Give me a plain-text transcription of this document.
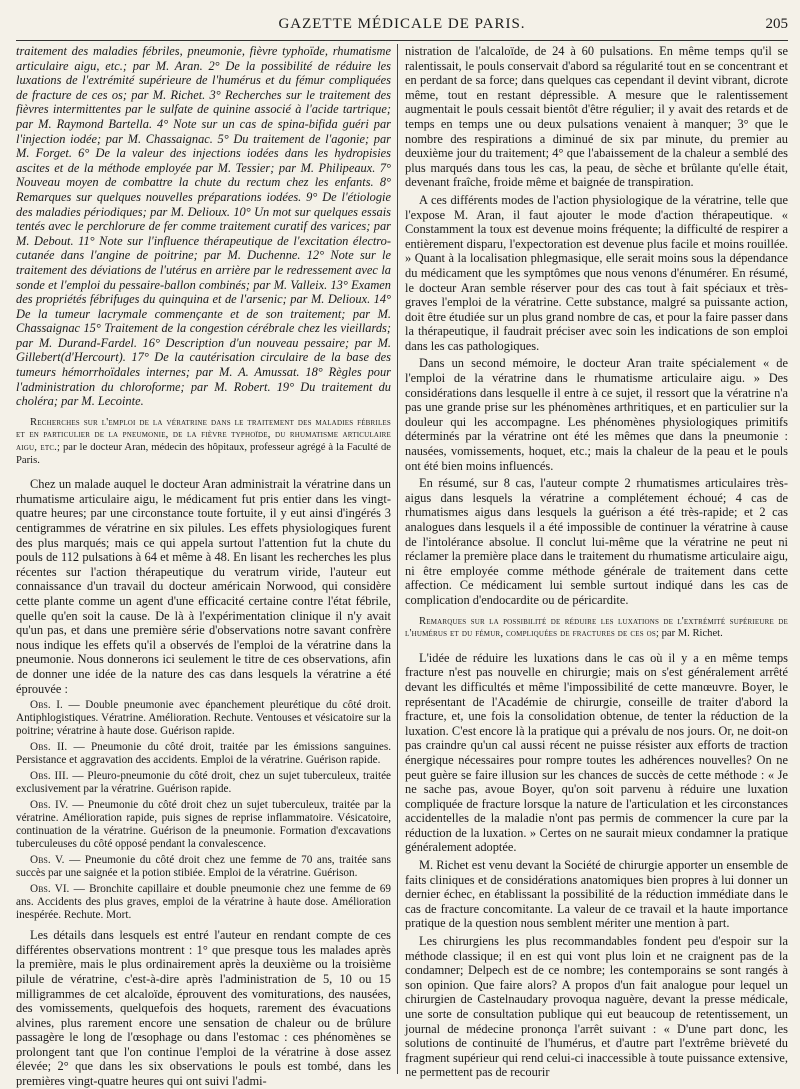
GAZETTE MÉDICALE DE PARIS.	205

traitement des maladies fébriles, pneumonie, fièvre typhoïde, rhumatisme articulaire aigu, etc.; par M. Aran. 2° De la possibilité de réduire les luxations de l'extrémité supérieure de l'humérus et du fémur compliquées de fracture de ces os; par M. Richet. 3° Recherches sur le traitement des fièvres intermittentes par le sulfate de quinine associé à l'acide tartrique; par M. Raymond Bartella. 4° Note sur un cas de spina-bifida guéri par l'injection iodée; par M. Chassaignac. 5° Du traitement de l'agonie; par M. Forget. 6° De la valeur des injections iodées dans les hydropisies ascites et de la méthode employée par M. Tessier; par M. Philipeaux. 7° Nouveau moyen de combattre la chute du rectum chez les enfants. 8° Remarques sur quelques nouvelles préparations iodées. 9° De l'étiologie des maladies périodiques; par M. Delioux. 10° Un mot sur quelques essais tentés avec le perchlorure de fer comme traitement curatif des varices; par M. Debout. 11° Note sur l'influence thérapeutique de l'excitation électro-cutanée dans l'angine de poitrine; par M. Duchenne. 12° Note sur le traitement des déviations de l'utérus en arrière par le redressement avec la sonde et l'emploi du pessaire-ballon combinés; par M. Valleix. 13° Examen des propriétés fébrifuges du quinquina et de l'arsenic; par M. Delioux. 14° De la tumeur lacrymale commençante et de son traitement; par M. Chassaignac 15° Traitement de la congestion cérébrale chez les vieillards; par M. Durand-Fardel. 16° Description d'un nouveau pessaire; par M. Gillebert(d'Hercourt). 17° De la cautérisation circulaire de la base des tumeurs hémorrhoïdales internes; par M. A. Amussat. 18° Règles pour l'administration du chloroforme; par M. Robert. 19° Du traitement du choléra; par M. Lecointe.

Recherches sur l'emploi de la vératrine dans le traitement des maladies fébriles et en particulier de la pneumonie, de la fièvre typhoïde, du rhumatisme articulaire aigu, etc.; par le docteur Aran, médecin des hôpitaux, professeur agrégé à la Faculté de Paris.

Chez un malade auquel le docteur Aran administrait la vératrine dans un rhumatisme articulaire aigu, le médicament fut pris entier dans les vingt-quatre heures; par une circonstance toute fortuite, il y eut ainsi d'ingérés 3 centigrammes de vératrine en six pilules. Les effets physiologiques furent des plus marqués; mais ce qui appela surtout l'attention fut la chute du pouls de 112 pulsations à 64 et même à 48. En lisant les recherches les plus récentes sur l'action thérapeutique du veratrum viride, l'auteur eut connaissance d'un travail du docteur américain Norwood, qui considère cette plante comme un agent d'une efficacité certaine contre l'état fébrile, quelle qu'en soit la cause. De là à l'expérimentation clinique il n'y avait qu'un pas, et dans une première série d'observations notre savant confrère nous indique les effets qu'il a observés de l'emploi de la vératrine dans la pneumonie. Nous donnerons ici seulement le titre de ces observations, afin de donner une idée de la nature des cas dans lesquels la vératrine a été éprouvée :

Obs. I. — Double pneumonie avec épanchement pleurétique du côté droit. Antiphlogistiques. Vératrine. Amélioration. Rechute. Ventouses et vésicatoire sur la poitrine; vératrine à haute dose. Guérison rapide.

Obs. II. — Pneumonie du côté droit, traitée par les émissions sanguines. Persistance et aggravation des accidents. Emploi de la vératrine. Guérison rapide.

Obs. III. — Pleuro-pneumonie du côté droit, chez un sujet tuberculeux, traitée exclusivement par la vératrine. Guérison rapide.

Obs. IV. — Pneumonie du côté droit chez un sujet tuberculeux, traitée par la vératrine. Amélioration rapide, puis signes de reprise inflammatoire. Vésicatoire, continuation de la vératrine. Guérison de la pneumonie. Formation d'excavations tuberculeuses du côté opposé pendant la convalescence.

Obs. V. — Pneumonie du côté droit chez une femme de 70 ans, traitée sans succès par une saignée et la potion stibiée. Emploi de la vératrine. Guérison.

Obs. VI. — Bronchite capillaire et double pneumonie chez une femme de 69 ans. Accidents des plus graves, emploi de la vératrine à haute dose. Amélioration inespérée. Rechute. Mort.

Les détails dans lesquels est entré l'auteur en rendant compte de ces différentes observations montrent : 1° que presque tous les malades après la première, mais le plus ordinairement après la deuxième ou la troisième pilule de vératrine, c'est-à-dire après l'administration de 5, 10 ou 15 milligrammes de cet alcaloïde, éprouvent des vomiturations, des nausées, des vomissements, quelquefois des hoquets, rarement des évacuations alvines, plus rarement encore une sensation de chaleur ou de brûlure passagère le long de l'œsophage ou dans l'estomac : ces phénomènes se prolongent tant que l'on continue l'emploi de la vératrine à dose assez élevée; 2° que dans les six observations le pouls est tombé, dans les premières vingt-quatre heures qui ont suivi l'admi-

nistration de l'alcaloïde, de 24 à 60 pulsations. En même temps qu'il se ralentissait, le pouls conservait d'abord sa régularité tout en se concentrant et en perdant de sa force; dans quelques cas cependant il devint vibrant, dicrote même, tout en restant dépressible. A mesure que le ralentissement augmentait le pouls cessait bientôt d'être régulier; il y avait des retards et de temps en temps une ou deux pulsations venaient à manquer; 3° que le nombre des respirations a diminué de six par minute, du premier au deuxième jour du traitement; 4° que l'abaissement de la chaleur a semblé des plus marqués dans tous les cas, la peau, de sèche et brûlante qu'elle était, devenant fraîche, froide même et baignée de transpiration.

A ces différents modes de l'action physiologique de la vératrine, telle que l'expose M. Aran, il faut ajouter le mode d'action thérapeutique. « Constamment la toux est devenue moins fréquente; la difficulté de respirer a entièrement disparu, l'expectoration est devenue plus facile et moins rouillée. » Quant à la localisation phlegmasique, elle serait moins sous la dépendance du médicament que les symptômes que nous venons d'énumérer. En résumé, le docteur Aran semble réserver pour des cas tout à fait spéciaux et très-graves l'emploi de la vératrine. Cette substance, malgré sa puissante action, doit être étudiée sur un plus grand nombre de cas, et pour la faire passer dans la thérapeutique, il faudrait préciser avec soin les indications de son emploi dans les cas pathologiques.

Dans un second mémoire, le docteur Aran traite spécialement « de l'emploi de la vératrine dans le rhumatisme articulaire aigu. » Des considérations dans lesquelle il entre à ce sujet, il ressort que la vératrine n'a pas une grande prise sur les phénomènes arthritiques, et en particulier sur la douleur qui les accompagne. Les phénomènes physiologiques primitifs déterminés par la vératrine ont été les mêmes que dans la pneumonie : nausées, vomissements, hoquet, etc.; mais la chaleur de la peau et le pouls ont été bien moins influencés.

En résumé, sur 8 cas, l'auteur compte 2 rhumatismes articulaires très-aigus dans lesquels la vératrine a complétement échoué; 4 cas de rhumatismes aigus dans lesquels la guérison a été très-rapide; et 2 cas analogues dans lesquels il a été impossible de continuer la vératrine à cause de l'intolérance absolue. Il conclut lui-même que la vératrine ne peut ni réclamer la première place dans le traitement du rhumatisme articulaire aigu, ni être employée comme méthode générale de traitement dans cette affection. Ce médicament lui semble surtout indiqué dans les cas de complication d'endocardite ou de péricardite.

Remarques sur la possibilité de réduire les luxations de l'extrémité supérieure de l'humérus et du fémur, compliquées de fractures de ces os; par M. Richet.

L'idée de réduire les luxations dans le cas où il y a en même temps fracture n'est pas nouvelle en chirurgie; mais on s'est généralement arrêté devant les difficultés et même l'impossibilité de cette manœuvre. Boyer, le représentant de l'Académie de chirurgie, conseille de traiter d'abord la fracture, et, une fois la consolidation obtenue, de tenter la réduction de la luxation. C'est encore là la pratique qui a prévalu de nos jours. Or, ne doit-on pas craindre qu'un cal aussi récent ne puisse résister aux efforts de traction énergique nécessaires pour rompre toutes les adhérences nouvelles? On ne peut guère se faire illusion sur les chances de succès de cette méthode : « Je ne sache pas, avoue Boyer, qu'on soit parvenu à réduire une luxation compliquée de fracture lorsque la nature de l'articulation et les circonstances accidentelles de la maladie n'ont pas permis de commencer la cure par la réduction de la luxation. » Certes on ne saurait mieux condamner la pratique généralement adoptée.

M. Richet est venu devant la Société de chirurgie apporter un ensemble de faits cliniques et de considérations anatomiques bien propres à lui donner un dernier échec, en établissant la possibilité de la réduction immédiate dans le cas de fracture concomitante. La valeur de ce travail et la haute importance pratique de la question nous semblent mériter une mention à part.

Les chirurgiens les plus recommandables fondent peu d'espoir sur la méthode classique; il en est qui vont plus loin et ne craignent pas de la condamner; Delpech est de ce nombre; les contemporains se sont rangés à son opinion. Que faire alors? A propos d'un fait analogue pour lequel un chirurgien de Castelnaudary provoqua naguère, devant la presse médicale, une sorte de consultation publique qui eut beaucoup de retentissement, un journal de médecine prononça l'arrêt suivant : « D'une part donc, les solutions de continuité de l'humérus, et d'autre part l'extrême brièveté du fragment supérieur qui rend celui-ci inaccessible à toute puissance extensive, ne permettent pas de recourir
